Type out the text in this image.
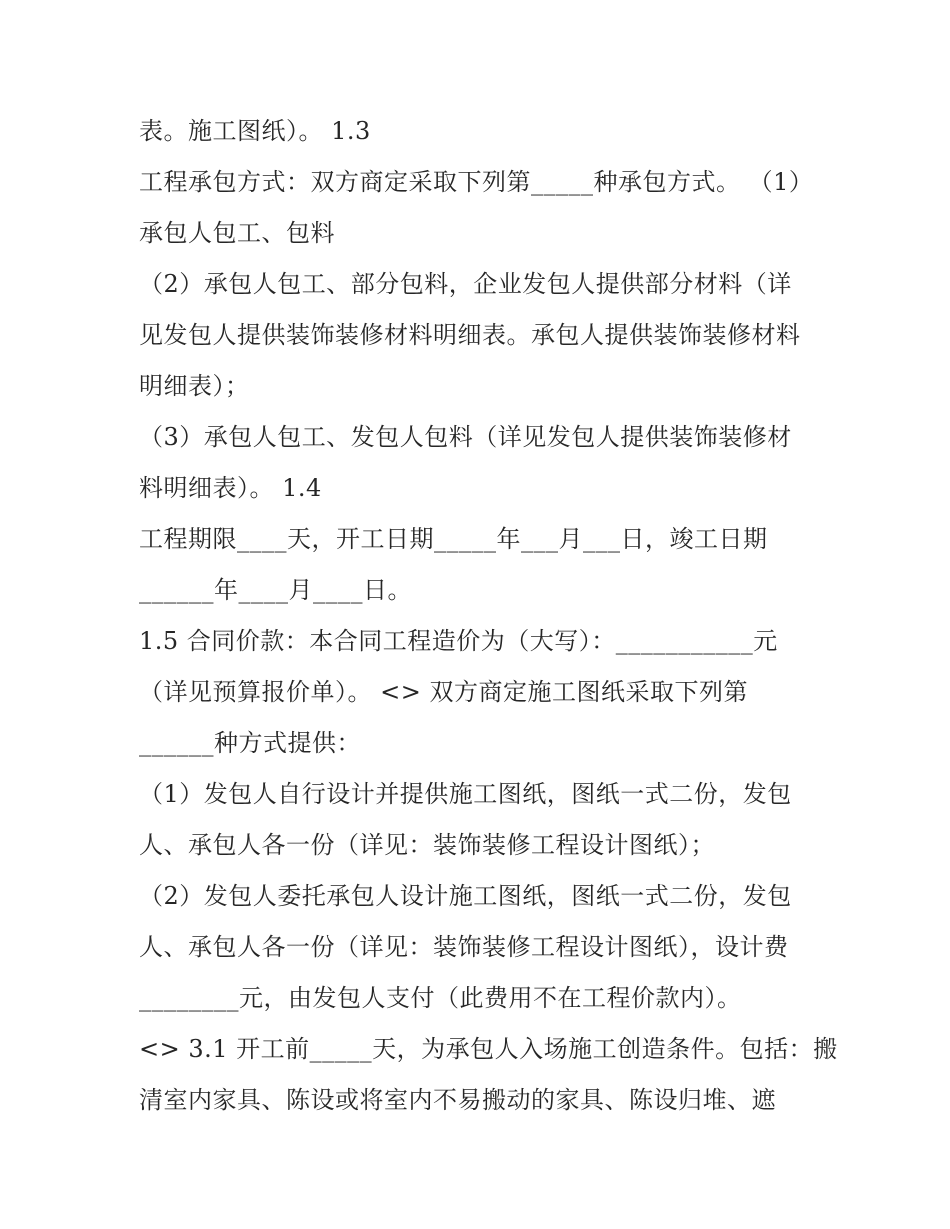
表。施工图纸）。 1.3
工程承包方式：双方商定采取下列第_____种承包方式。 （1）
承包人包工、包料
（2）承包人包工、部分包料，企业发包人提供部分材料（详
见发包人提供装饰装修材料明细表。承包人提供装饰装修材料
明细表）；
（3）承包人包工、发包人包料（详见发包人提供装饰装修材
料明细表）。 1.4
工程期限____天，开工日期_____年___月___日，竣工日期
______年____月____日。
1.5 合同价款：本合同工程造价为（大写）：___________元
（详见预算报价单）。 <> 双方商定施工图纸采取下列第
______种方式提供：
（1）发包人自行设计并提供施工图纸，图纸一式二份，发包
人、承包人各一份（详见：装饰装修工程设计图纸）；
（2）发包人委托承包人设计施工图纸，图纸一式二份，发包
人、承包人各一份（详见：装饰装修工程设计图纸），设计费
________元，由发包人支付（此费用不在工程价款内）。
<> 3.1 开工前_____天，为承包人入场施工创造条件。包括：搬
清室内家具、陈设或将室内不易搬动的家具、陈设归堆、遮
